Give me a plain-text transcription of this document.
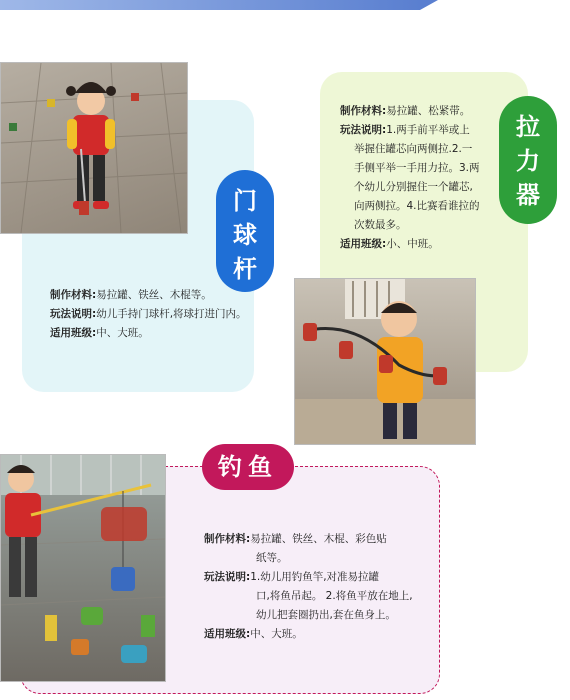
门
球
杆

制作材料:易拉罐、铁丝、木棍等。

玩法说明:幼儿手持门球杆,将球打进门内。

适用班级:中、大班。

制作材料:易拉罐、松紧带。

玩法说明:1.两手前平举或上

举握住罐芯向两侧拉.2.一

手侧平举一手用力拉。3.两

个幼儿分别握住一个罐芯,

向两侧拉。4.比赛看谁拉的

次数最多。

适用班级:小、中班。

拉
力
器
钓鱼

制作材料:易拉罐、铁丝、木棍、彩色贴

纸等。

玩法说明:1.幼儿用钓鱼竿,对准易拉罐

口,将鱼吊起。 2.将鱼平放在地上,

幼儿把套圈扔出,套在鱼身上。

适用班级:中、大班。
